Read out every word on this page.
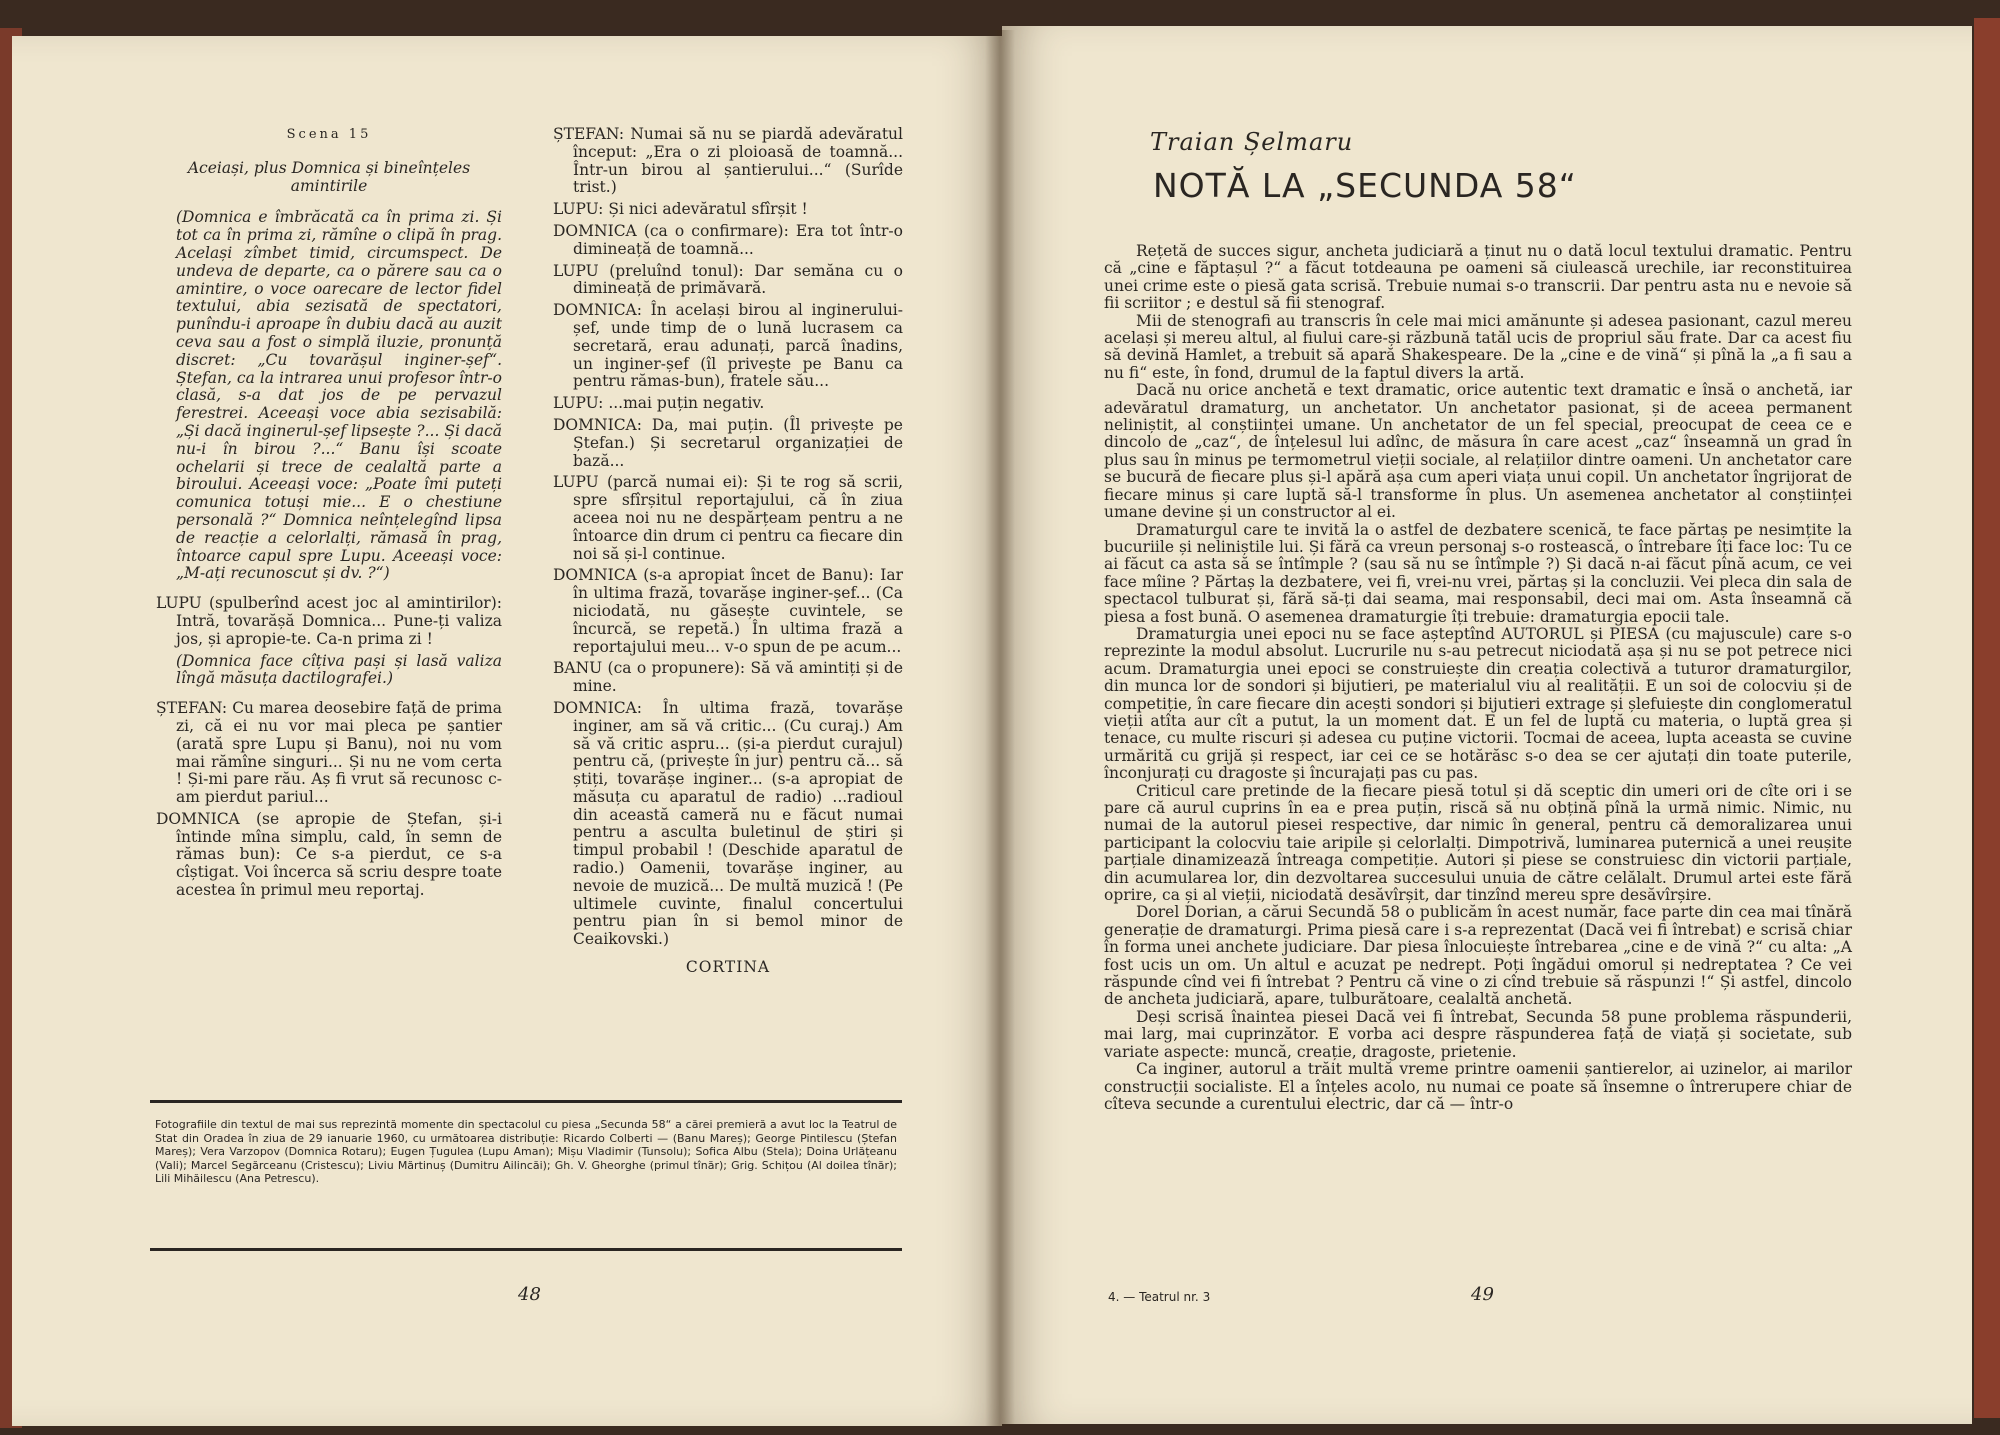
Scena 15

Aceiași, plus Domnica și bineînțeles amintirile

(Domnica e îmbrăcată ca în prima zi. Și tot ca în prima zi, rămîne o clipă în prag. Același zîmbet timid, circumspect. De undeva de departe, ca o părere sau ca o amintire, o voce oarecare de lector fidel textului, abia sezisată de spectatori, punîndu-i aproape în dubiu dacă au auzit ceva sau a fost o simplă iluzie, pronunță discret: „Cu tovarășul inginer-șef“. Ștefan, ca la intrarea unui profesor într-o clasă, s-a dat jos de pe pervazul ferestrei. Aceeași voce abia sezisabilă: „Și dacă inginerul-șef lipsește ?... Și dacă nu-i în birou ?...“ Banu își scoate ochelarii și trece de cealaltă parte a biroului. Aceeași voce: „Poate îmi puteți comunica totuși mie... E o chestiune personală ?“ Domnica neînțelegînd lipsa de reacție a celorlalți, rămasă în prag, întoarce capul spre Lupu. Aceeași voce: „M-ați recunoscut și dv. ?“)

LUPU (spulberînd acest joc al amintirilor): Intră, tovarășă Domnica... Pune-ți valiza jos, și apropie-te. Ca-n prima zi !

(Domnica face cîțiva pași și lasă valiza lîngă măsuța dactilografei.)

ȘTEFAN: Cu marea deosebire față de prima zi, că ei nu vor mai pleca pe șantier (arată spre Lupu și Banu), noi nu vom mai rămîne singuri... Și nu ne vom certa ! Și-mi pare rău. Aș fi vrut să recunosc c-am pierdut pariul...

DOMNICA (se apropie de Ștefan, și-i întinde mîna simplu, cald, în semn de rămas bun): Ce s-a pierdut, ce s-a cîștigat. Voi încerca să scriu despre toate acestea în primul meu reportaj.

ȘTEFAN: Numai să nu se piardă adevăratul început: „Era o zi ploioasă de toamnă... Într-un birou al șantierului...“ (Surîde trist.)

LUPU: Și nici adevăratul sfîrșit !

DOMNICA (ca o confirmare): Era tot într-o dimineață de toamnă...

LUPU (preluînd tonul): Dar semăna cu o dimineață de primăvară.

DOMNICA: În același birou al inginerului-șef, unde timp de o lună lucrasem ca secretară, erau adunați, parcă înadins, un inginer-șef (îl privește pe Banu ca pentru rămas-bun), fratele său...

LUPU: ...mai puțin negativ.

DOMNICA: Da, mai puțin. (Îl privește pe Ștefan.) Și secretarul organizației de bază...

LUPU (parcă numai ei): Și te rog să scrii, spre sfîrșitul reportajului, că în ziua aceea noi nu ne despărțeam pentru a ne întoarce din drum ci pentru ca fiecare din noi să și-l continue.

DOMNICA (s-a apropiat încet de Banu): Iar în ultima frază, tovarășe inginer-șef... (Ca niciodată, nu găsește cuvintele, se încurcă, se repetă.) În ultima frază a reportajului meu... v-o spun de pe acum...

BANU (ca o propunere): Să vă amintiți și de mine.

DOMNICA: În ultima frază, tovarășe inginer, am să vă critic... (Cu curaj.) Am să vă critic aspru... (și-a pierdut curajul) pentru că, (privește în jur) pentru că... să știți, tovarășe inginer... (s-a apropiat de măsuța cu aparatul de radio) ...radioul din această cameră nu e făcut numai pentru a asculta buletinul de știri și timpul probabil ! (Deschide aparatul de radio.) Oamenii, tovarășe inginer, au nevoie de muzică... De multă muzică ! (Pe ultimele cuvinte, finalul concertului pentru pian în si bemol minor de Ceaikovski.)

CORTINA

Fotografiile din textul de mai sus reprezintă momente din spectacolul cu piesa „Secunda 58“ a cărei premieră a avut loc la Teatrul de Stat din Oradea în ziua de 29 ianuarie 1960, cu următoarea distribuție: Ricardo Colberti — (Banu Mareș); George Pintilescu (Ștefan Mareș); Vera Varzopov (Domnica Rotaru); Eugen Țugulea (Lupu Aman); Mișu Vladimir (Tunsolu); Sofica Albu (Stela); Doina Urlățeanu (Vali); Marcel Segărceanu (Cristescu); Liviu Mărtinuș (Dumitru Ailincăi); Gh. V. Gheorghe (primul tînăr); Grig. Schițou (Al doilea tînăr); Lili Mihăilescu (Ana Petrescu).
48
Traian Șelmaru
NOTĂ LA „SECUNDA 58“

Rețetă de succes sigur, ancheta judiciară a ținut nu o dată locul textului dramatic. Pentru că „cine e făptașul ?“ a făcut totdeauna pe oameni să ciulească urechile, iar reconstituirea unei crime este o piesă gata scrisă. Trebuie numai s-o transcrii. Dar pentru asta nu e nevoie să fii scriitor ; e destul să fii stenograf.

Mii de stenografi au transcris în cele mai mici amănunte și adesea pasionant, cazul mereu același și mereu altul, al fiului care-și răzbună tatăl ucis de propriul său frate. Dar ca acest fiu să devină Hamlet, a trebuit să apară Shakespeare. De la „cine e de vină“ și pînă la „a fi sau a nu fi“ este, în fond, drumul de la faptul divers la artă.

Dacă nu orice anchetă e text dramatic, orice autentic text dramatic e însă o anchetă, iar adevăratul dramaturg, un anchetator. Un anchetator pasionat, și de aceea permanent neliniștit, al conștiinței umane. Un anchetator de un fel special, preocupat de ceea ce e dincolo de „caz“, de înțelesul lui adînc, de măsura în care acest „caz“ înseamnă un grad în plus sau în minus pe termometrul vieții sociale, al relațiilor dintre oameni. Un anchetator care se bucură de fiecare plus și-l apără așa cum aperi viața unui copil. Un anchetator îngrijorat de fiecare minus și care luptă să-l transforme în plus. Un asemenea anchetator al conștiinței umane devine și un constructor al ei.

Dramaturgul care te invită la o astfel de dezbatere scenică, te face părtaș pe nesimțite la bucuriile și neliniștile lui. Și fără ca vreun personaj s-o rostească, o întrebare îți face loc: Tu ce ai făcut ca asta să se întîmple ? (sau să nu se întîmple ?) Și dacă n-ai făcut pînă acum, ce vei face mîine ? Părtaș la dezbatere, vei fi, vrei-nu vrei, părtaș și la concluzii. Vei pleca din sala de spectacol tulburat și, fără să-ți dai seama, mai responsabil, deci mai om. Asta înseamnă că piesa a fost bună. O asemenea dramaturgie îți trebuie: dramaturgia epocii tale.

Dramaturgia unei epoci nu se face așteptînd AUTORUL și PIESA (cu majuscule) care s-o reprezinte la modul absolut. Lucrurile nu s-au petrecut niciodată așa și nu se pot petrece nici acum. Dramaturgia unei epoci se construiește din creația colectivă a tuturor dramaturgilor, din munca lor de sondori și bijutieri, pe materialul viu al realității. E un soi de colocviu și de competiție, în care fiecare din acești sondori și bijutieri extrage și șlefuiește din conglomeratul vieții atîta aur cît a putut, la un moment dat. E un fel de luptă cu materia, o luptă grea și tenace, cu multe riscuri și adesea cu puține victorii. Tocmai de aceea, lupta aceasta se cuvine urmărită cu grijă și respect, iar cei ce se hotărăsc s-o dea se cer ajutați din toate puterile, înconjurați cu dragoste și încurajați pas cu pas.

Criticul care pretinde de la fiecare piesă totul și dă sceptic din umeri ori de cîte ori i se pare că aurul cuprins în ea e prea puțin, riscă să nu obțină pînă la urmă nimic. Nimic, nu numai de la autorul piesei respective, dar nimic în general, pentru că demoralizarea unui participant la colocviu taie aripile și celorlalți. Dimpotrivă, luminarea puternică a unei reușite parțiale dinamizează întreaga competiție. Autori și piese se construiesc din victorii parțiale, din acumularea lor, din dezvoltarea succesului unuia de către celălalt. Drumul artei este fără oprire, ca și al vieții, niciodată desăvîrșit, dar tinzînd mereu spre desăvîrșire.

Dorel Dorian, a cărui Secundă 58 o publicăm în acest număr, face parte din cea mai tînără generație de dramaturgi. Prima piesă care i s-a reprezentat (Dacă vei fi întrebat) e scrisă chiar în forma unei anchete judiciare. Dar piesa înlocuiește întrebarea „cine e de vină ?“ cu alta: „A fost ucis un om. Un altul e acuzat pe nedrept. Poți îngădui omorul și nedreptatea ? Ce vei răspunde cînd vei fi întrebat ? Pentru că vine o zi cînd trebuie să răspunzi !“ Și astfel, dincolo de ancheta judiciară, apare, tulburătoare, cealaltă anchetă.

Deși scrisă înaintea piesei Dacă vei fi întrebat, Secunda 58 pune problema răspunderii, mai larg, mai cuprinzător. E vorba aci despre răspunderea față de viață și societate, sub variate aspecte: muncă, creație, dragoste, prietenie.

Ca inginer, autorul a trăit multă vreme printre oamenii șantierelor, ai uzinelor, ai marilor construcții socialiste. El a înțeles acolo, nu numai ce poate să însemne o întrerupere chiar de cîteva secunde a curentului electric, dar că — într-o

4. — Teatrul nr. 3	49
